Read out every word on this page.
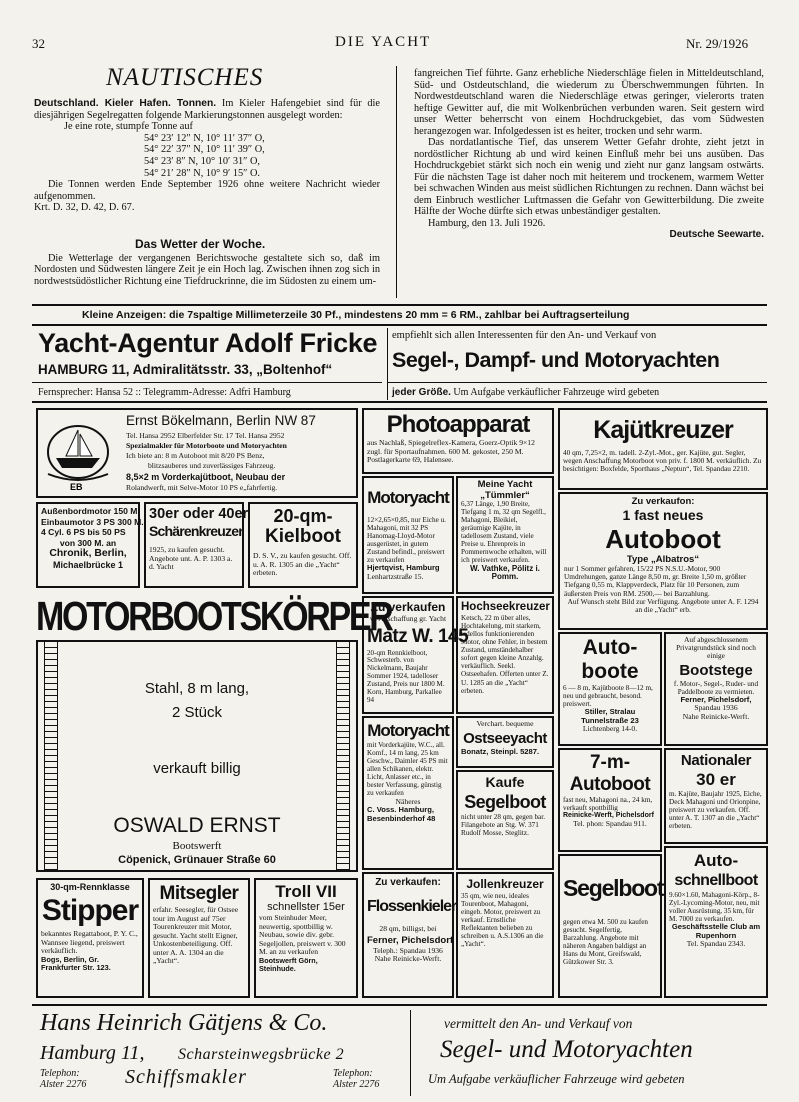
32	DIE YACHT	Nr. 29/1926
NAUTISCHES
Deutschland. Kieler Hafen. Tonnen. Im Kieler Hafengebiet sind für die diesjährigen Segelregatten folgende Markierungstonnen ausgelegt worden:
Je eine rote, stumpfe Tonne auf
54° 23′ 12″ N, 10° 11′ 37″ O,
54° 22′ 37″ N, 10° 11′ 39″ O,
54° 23′ 8″ N, 10° 10′ 31″ O,
54° 21′ 28″ N, 10° 9′ 15″ O.
Die Tonnen werden Ende September 1926 ohne weitere Nachricht wieder aufgenommen.
Krt. D. 32, D. 42, D. 67.
Das Wetter der Woche.
Die Wetterlage der vergangenen Berichtswoche gestaltete sich so, daß im Nordosten und Südwesten längere Zeit je ein Hoch lag. Zwischen ihnen zog sich in nordwestsüdöstlicher Richtung eine Tiefdruckrinne, die im Südosten zu einem um-
fangreichen Tief führte. Ganz erhebliche Niederschläge fielen in Mitteldeutschland, Süd- und Ostdeutschland, die wiederum zu Überschwemmungen führten. In Nordwestdeutschland waren die Niederschläge etwas geringer, vielerorts traten heftige Gewitter auf, die mit Wolkenbrüchen verbunden waren. Seit gestern wird unser Wetter beherrscht von einem Hochdruckgebiet, das vom Südwesten herangezogen war. Infolgedessen ist es heiter, trocken und sehr warm.
Das nordatlantische Tief, das unserem Wetter Gefahr drohte, zieht jetzt in nordöstlicher Richtung ab und wird keinen Einfluß mehr bei uns ausüben. Das Hochdruckgebiet stärkt sich noch ein wenig und zieht nur ganz langsam ostwärts. Für die nächsten Tage ist daher noch mit heiterem und trockenem, warmem Wetter bei schwachen Winden aus meist südlichen Richtungen zu rechnen. Dann wächst bei dem Einbruch westlicher Luftmassen die Gefahr von Gewitterbildung. Die zweite Hälfte der Woche dürfte sich etwas unbeständiger gestalten.
Hamburg, den 13. Juli 1926.
Deutsche Seewarte.
Kleine Anzeigen: die 7spaltige Millimeterzeile 30 Pf., mindestens 20 mm = 6 RM., zahlbar bei Auftragserteilung
Yacht-Agentur Adolf Fricke
HAMBURG 11, Admiralitätsstr. 33, „Boltenhof“
Fernsprecher: Hansa 52 :: Telegramm-Adresse: Adfri Hamburg
empfiehlt sich allen Interessenten für den An- und Verkauf von
Segel-, Dampf- und Motoryachten
jeder Größe. Um Aufgabe verkäuflicher Fahrzeuge wird gebeten
EB
Ernst Bökelmann, Berlin NW 87
Tel. Hansa 2952 Elberfelder Str. 17 Tel. Hansa 2952
Spezialmakler für Motorboote und Motoryachten
Ich biete an: 8 m Autoboot mit 8/20 PS Benz,
blitzsauberes und zuverlässiges Fahrzeug.
8,5×2 m Vorderkajütboot, Neubau der
Rolandwerft, mit Selve-Motor 10 PS e„fahrfertig.
Außenbordmotor 150 M.
Einbaumotor 3 PS 300 M.
4 Cyl. 6 PS bis 50 PS
von 300 M. an
Chronik, Berlin,
Michaelbrücke 1
30er oder 40er
Schärenkreuzer
1925, zu kaufen gesucht. Angebote unt. A. P. 1303 a. d. Yacht
20-qm-
Kielboot
D. S. V., zu kaufen gesucht. Off. u. A. R. 1305 an die „Yacht“ erbeten.
MOTORBOOTSKÖRPER
Stahl, 8 m lang,
2 Stück
verkauft billig
OSWALD ERNST
Bootswerft
Cöpenick, Grünauer Straße 60
30-qm-Rennklasse
Stipper
bekanntes Regattaboot, P. Y. C., Wannsee liegend, preiswert verkäuflich.
Bogs, Berlin, Gr. Frankfurter Str. 123.
Mitsegler
erfahr. Seesegler, für Ostsee tour im August auf 75er Tourenkreuzer mit Motor, gesucht. Yacht stellt Eigner, Unkostenbeteiligung. Off. unter A. A. 1304 an die „Yacht“.
Troll VII
schnellster 15er
vom Steinhuder Meer, neuwertig, spottbillig w. Neubau, sowie div. gebr. Segeljollen, preiswert v. 300 M. an zu verkaufen
Bootswerft Görn, Steinhude.
Photoapparat
aus Nachlaß, Spiegelreflex-Kamera, Goerz-Optik 9×12 zugl. für Sportaufnahmen. 600 M. gekostet, 250 M. Postlagerkarte 69, Halensee.
Motoryacht
12×2,65×0,85, nur Eiche u. Mahagoni, mit 32 PS Hanomag-Lloyd-Motor ausgerüstet, in gutem Zustand befindl., preiswert zu verkaufen
Hjertqvist, Hamburg
Lenhartzstraße 15.
Meine Yacht „Tümmler“
6,37 Länge, 1,90 Breite, Tiefgang 1 m, 32 qm Segelfl., Mahagoni, Bleikiel, geräumige Kajüte, in tadellosem Zustand, viele Preise u. Ehrenpreis in Pommernwoche erhalten, will ich preiswert verkaufen.
W. Vathke, Pölitz i. Pomm.
Zu verkaufen
w. Anschaffung gr. Yacht
Matz W. 145
20-qm Rennkielboot, Schwesterb. von Nickelmann, Baujahr Sommer 1924, tadelloser Zustand, Preis nur 1800 M. Korn, Hamburg, Parkallee 94
Hochseekreuzer
Ketsch, 22 m über alles, Hochtakelung, mit starkem, tadellos funktionierenden Motor, ohne Fehler, in bestem Zustand, umständehalber sofort gegen kleine Anzahlg. verkäuflich. Seekl. Ostseehafen. Offerten unter Z. U. 1285 an die „Yacht“ erbeten.
Motoryacht
mit Vorderkajüte, W.C., all. Komf., 14 m lang, 25 km Geschw., Daimler 45 PS mit allen Schikanen, elektr. Licht, Anlasser etc., in bester Verfassung, günstig zu verkaufen
Näheres
C. Voss. Hamburg, Besenbinderhof 48
Verchart. bequeme
Ostseeyacht
Bonatz, Steinpl. 5287.
Kaufe
Segelboot
nicht unter 28 qm, gegen bar. Filangebote an Stg. W. 371 Rudolf Mosse, Steglitz.
Zu verkaufen:
Flossenkieler
28 qm, billigst, bei
Ferner, Pichelsdorf
Teleph.: Spandau 1936
Nahe Reinicke-Werft.
Jollenkreuzer
35 qm, wie neu, ideales Tourenboot, Mahagoni, eingeb. Motor, preiswert zu verkauf. Ernstliche Reflektanten belieben zu schreiben u. A.S.1306 an die „Yacht“.
Kajütkreuzer
40 qm, 7,25×2, m. tadell. 2-Zyl.-Mot., ger. Kajüte, gut. Segler, wegen Anschaffung Motorboot von priv. f. 1800 M. verkäuflich. Zu besichtigen: Boxfelde, Sporthaus „Neptun“, Tel. Spandau 2210.
Zu verkaufon:
1 fast neues
Autoboot
Type „Albatros“
nur 1 Sommer gefahren, 15/22 PS N.S.U.-Motor, 900 Umdrehungen, ganze Länge 8,50 m, gr. Breite 1,50 m, größter Tiefgang 0,55 m, Klappverdeck, Platz für 10 Personen, zum äußersten Preis von RM. 2500,— bei Barzahlung.
Auf Wunsch steht Bild zur Verfügung. Angebote unter A. F. 1294 an die „Yacht“ erb.
Auto-
boote
6 — 8 m, Kajütboote 8—12 m, neu und gebraucht, besond. preiswert.
Stiller, Stralau
Tunnelstraße 23
Lichtenberg 14-0.
Auf abgeschlossenem Privatgrundstück sind noch einige
Bootstege
f. Motor-, Segel-, Ruder- und Paddelboote zu vermieten.
Ferner, Pichelsdorf,
Spandau 1936
Nahe Reinicke-Werft.
7-m-
Autoboot
fast neu, Mahagoni na., 24 km, verkauft spottbillig
Reinicke-Werft, Pichelsdorf
Tel. phon: Spandau 911.
Nationaler
30 er
m. Kajüte, Baujahr 1925, Eiche, Deck Mahagoni und Orionpine, preiswert zu verkaufen. Off. unter A. T. 1307 an die „Yacht“ erbeten.
Segelboot
gegen etwa M. 500 zu kaufen gesucht. Segelfertig, Barzahlung. Angebote mit näheren Angaben baldigst an Hans du Mont, Greifswald, Gützkower Str. 3.
Auto-
schnellboot
9.60×1.60, Mahagoni-Körp., 8-Zyl.-Lycoming-Motor, neu, mit voller Ausrüstung, 35 km, für M. 7000 zu verkaufen.
Geschäftsstelle Club am Rupenhorn
Tel. Spandau 2343.
Hans Heinrich Gätjens & Co.
Hamburg 11, Scharsteinwegsbrücke 2
Telephon:
Alster 2276 Schiffsmakler	Telephon:
Alster 2276
vermittelt den An- und Verkauf von
Segel- und Motoryachten
Um Aufgabe verkäuflicher Fahrzeuge wird gebeten
